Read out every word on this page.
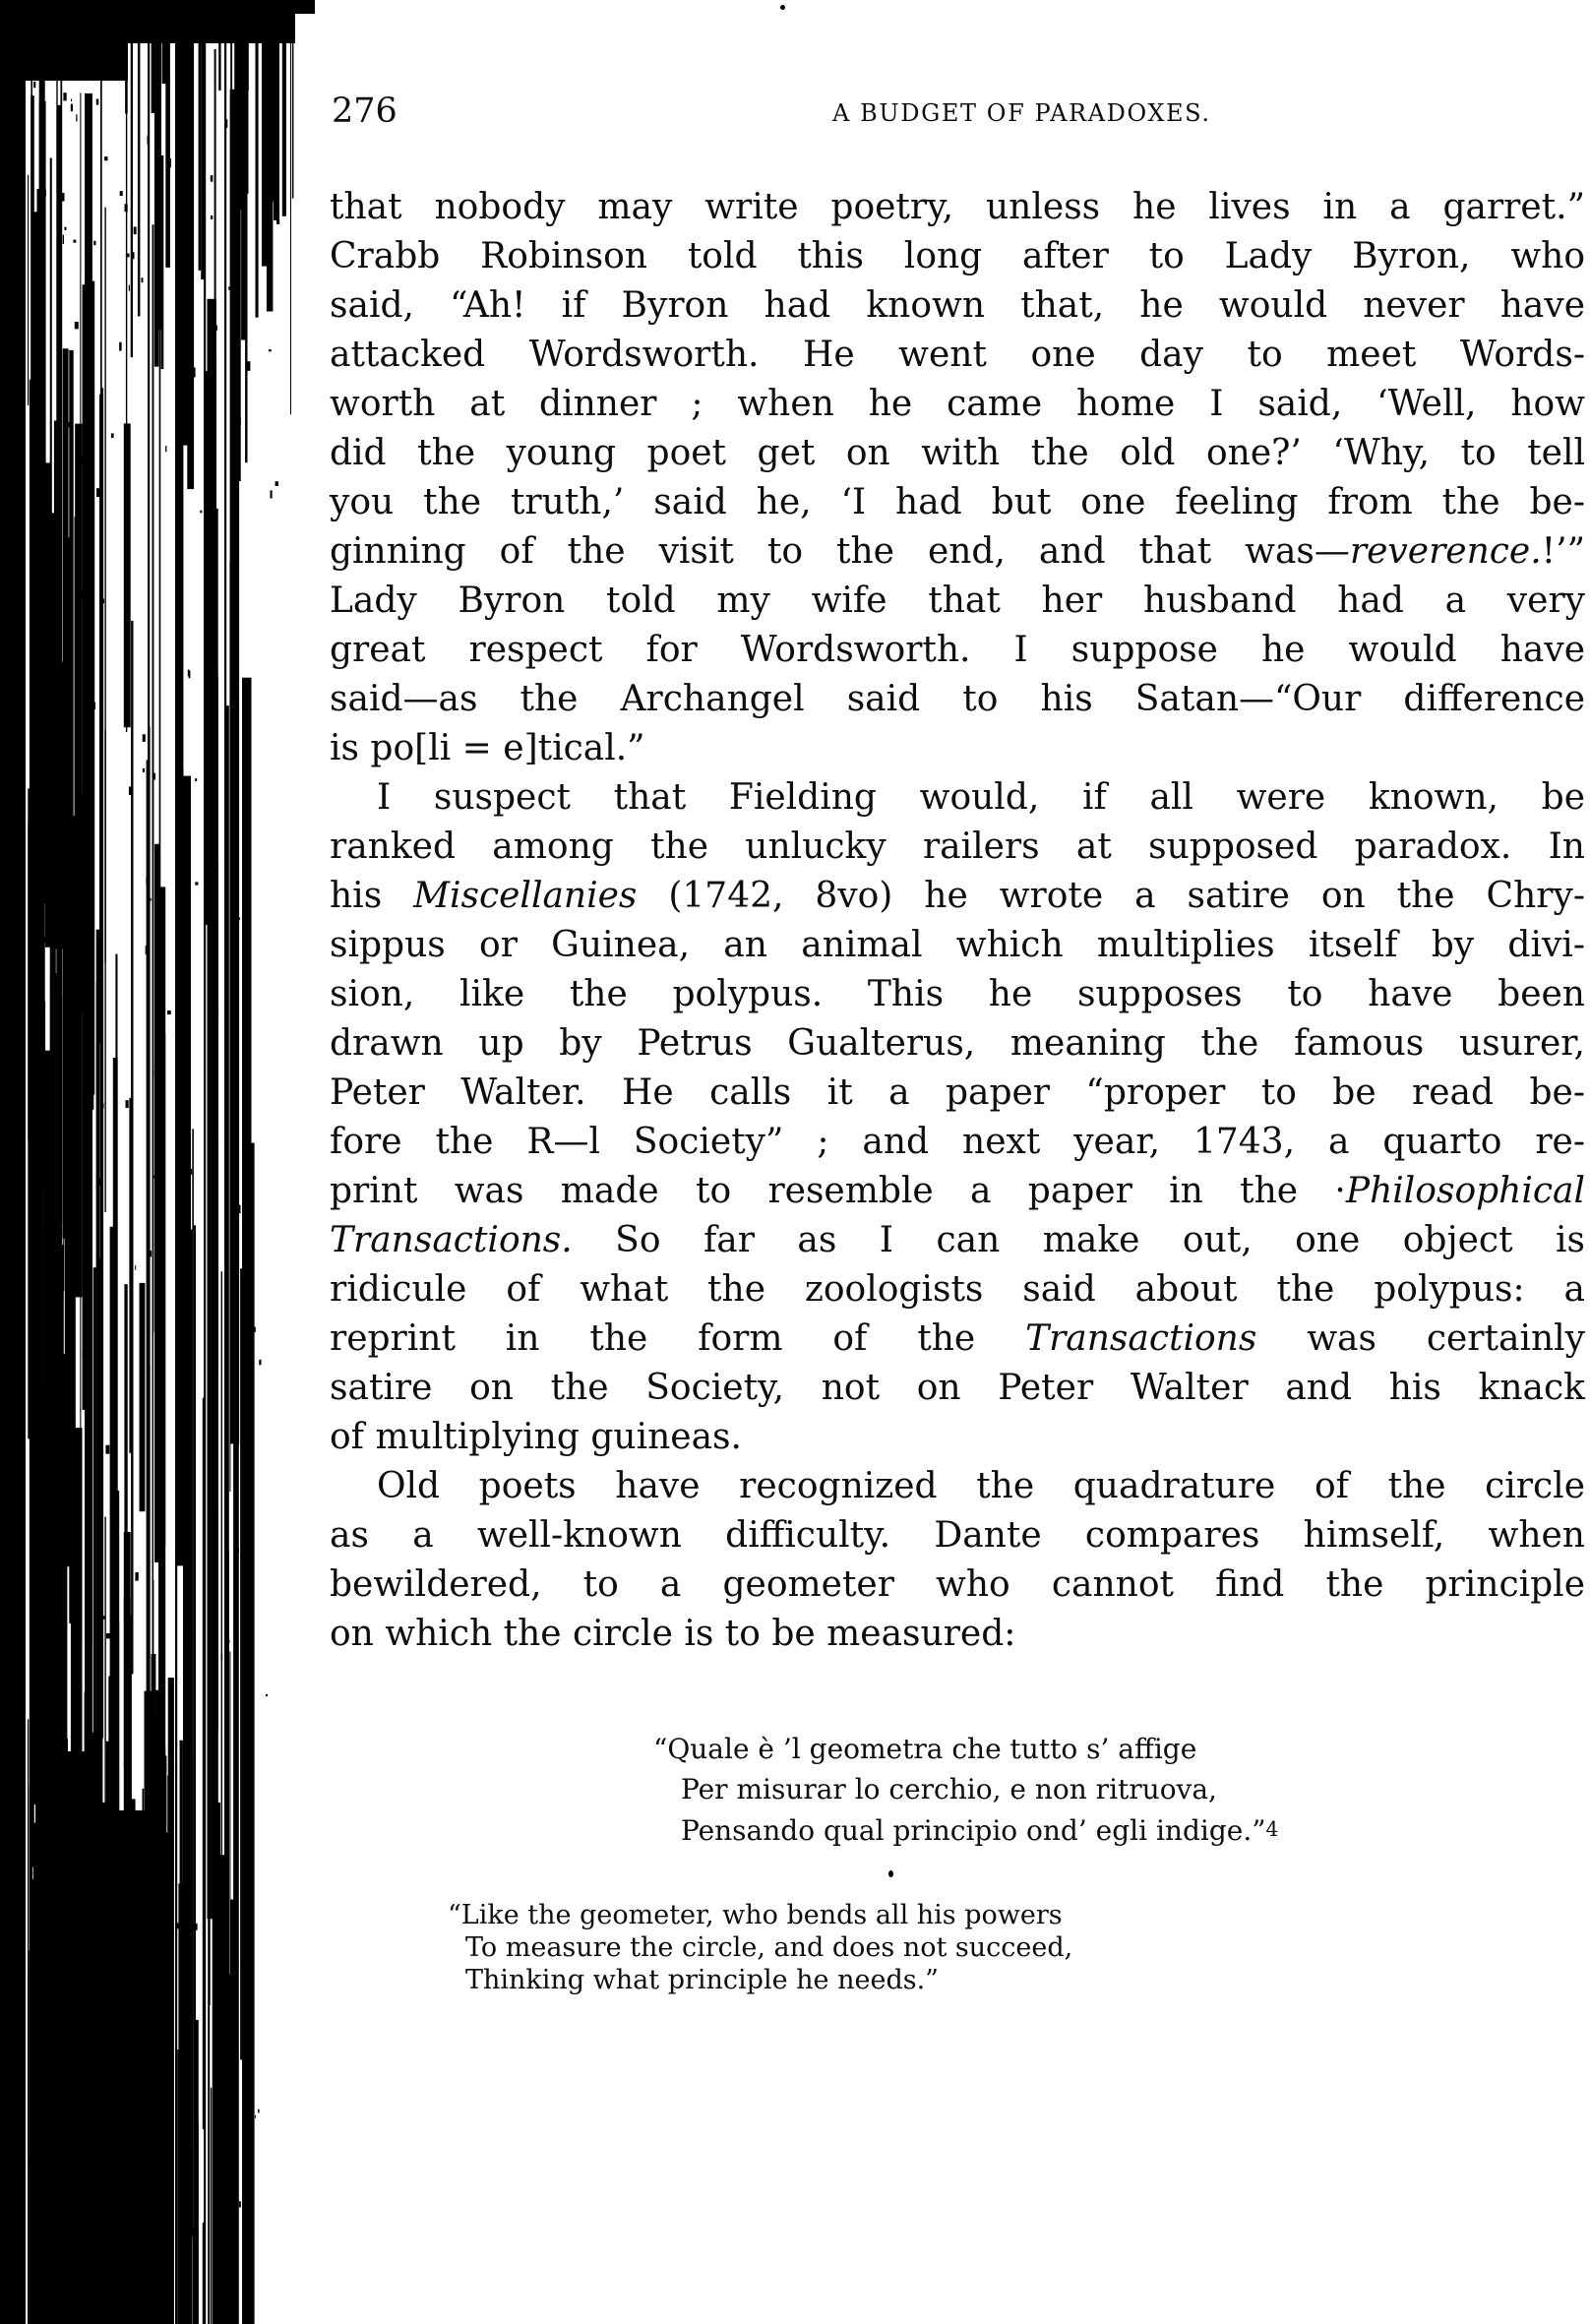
276	A BUDGET OF PARADOXES.
that nobody may write poetry, unless he lives in a garret.”
Crabb Robinson told this long after to Lady Byron, who
said, “Ah! if Byron had known that, he would never have
attacked Wordsworth. He went one day to meet Words-
worth at dinner ; when he came home I said, ‘Well, how
did the young poet get on with the old one?’ ‘Why, to tell
you the truth,’ said he, ‘I had but one feeling from the be-
ginning of the visit to the end, and that was—reverence.!’”
Lady Byron told my wife that her husband had a very
great respect for Wordsworth. I suppose he would have
said—as the Archangel said to his Satan—“Our difference
is po[li = e]tical.”
I suspect that Fielding would, if all were known, be
ranked among the unlucky railers at supposed paradox. In
his Miscellanies (1742, 8vo) he wrote a satire on the Chry-
sippus or Guinea, an animal which multiplies itself by divi-
sion, like the polypus. This he supposes to have been
drawn up by Petrus Gualterus, meaning the famous usurer,
Peter Walter. He calls it a paper “proper to be read be-
fore the R—l Society” ; and next year, 1743, a quarto re-
print was made to resemble a paper in the ·Philosophical
Transactions. So far as I can make out, one object is
ridicule of what the zoologists said about the polypus: a
reprint in the form of the Transactions was certainly
satire on the Society, not on Peter Walter and his knack
of multiplying guineas.
Old poets have recognized the quadrature of the circle
as a well-known difficulty. Dante compares himself, when
bewildered, to a geometer who cannot find the principle
on which the circle is to be measured:
“Quale è ’l geometra che tutto s’ affige
Per misurar lo cerchio, e non ritruova,
Pensando qual principio ond’ egli indige.”$^4$
“Like the geometer, who bends all his powers
To measure the circle, and does not succeed,
Thinking what principle he needs.”
